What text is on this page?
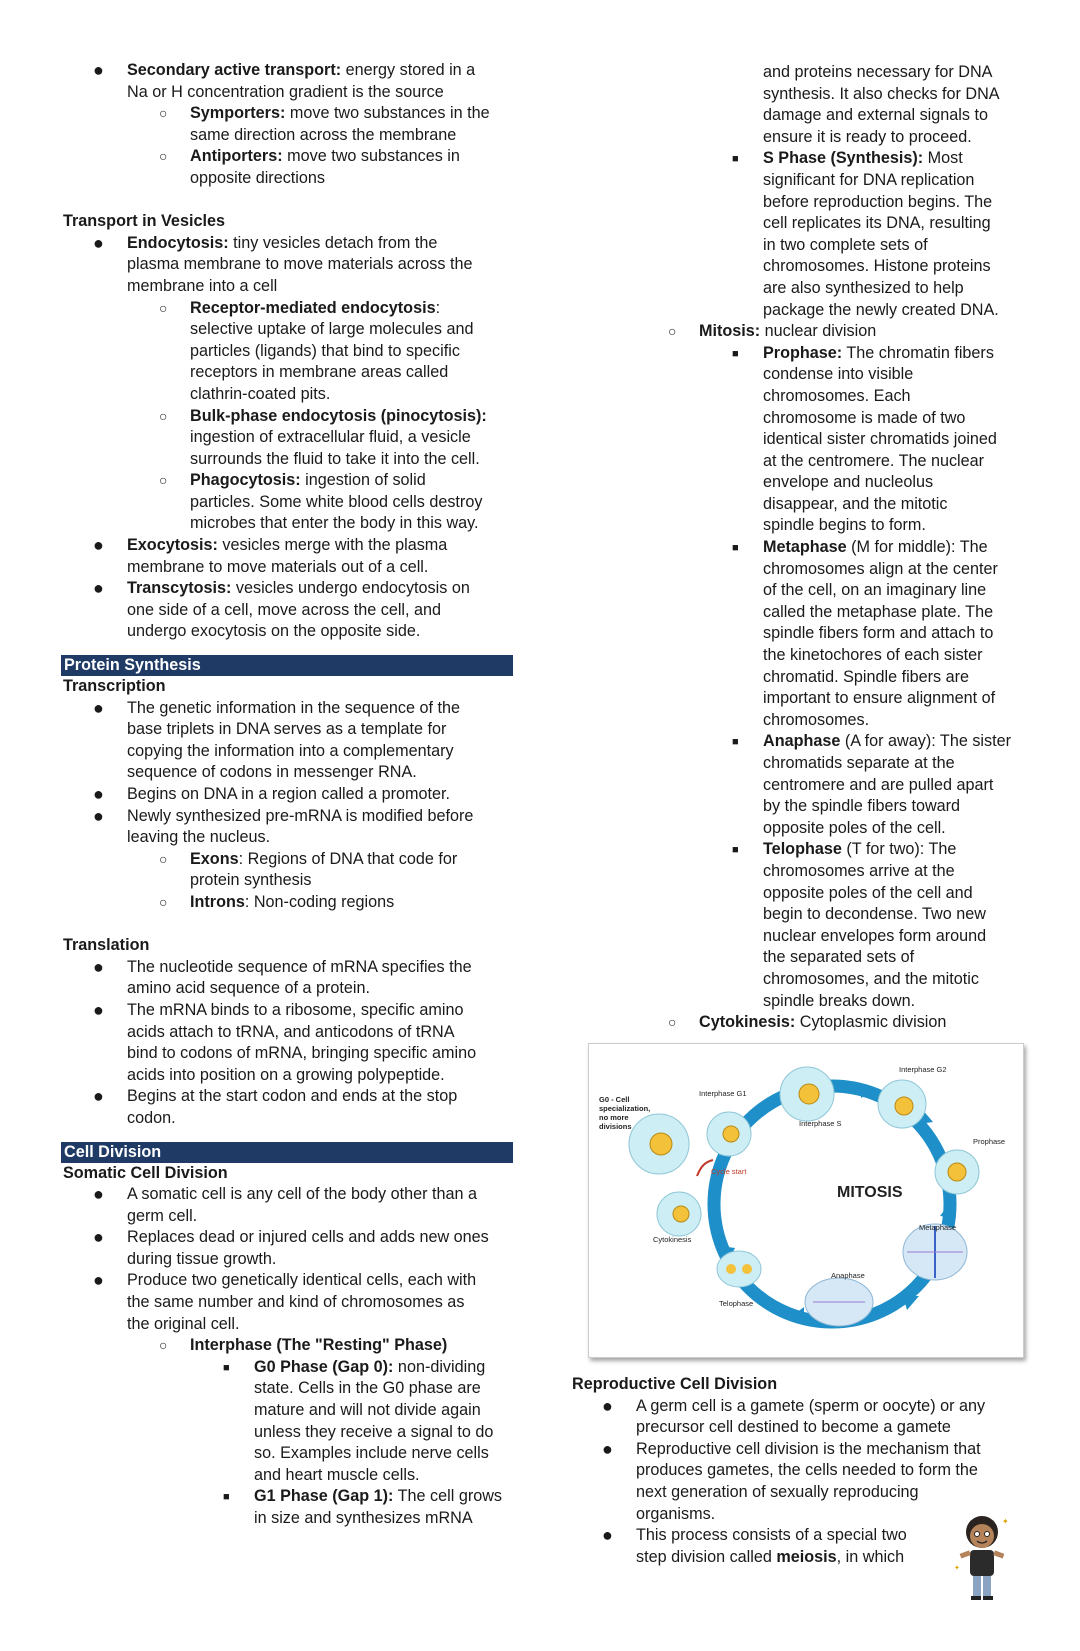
● Secondary active transport: energy stored in a
Na or H concentration gradient is the source
○ Symporters: move two substances in the
same direction across the membrane
○ Antiporters: move two substances in
opposite directions
Transport in Vesicles
● Endocytosis: tiny vesicles detach from the
plasma membrane to move materials across the
membrane into a cell
○ Receptor-mediated endocytosis:
selective uptake of large molecules and
particles (ligands) that bind to specific
receptors in membrane areas called
clathrin-coated pits.
○ Bulk-phase endocytosis (pinocytosis):
ingestion of extracellular fluid, a vesicle
surrounds the fluid to take it into the cell.
○ Phagocytosis: ingestion of solid
particles. Some white blood cells destroy
microbes that enter the body in this way.
● Exocytosis: vesicles merge with the plasma
membrane to move materials out of a cell.
● Transcytosis: vesicles undergo endocytosis on
one side of a cell, move across the cell, and
undergo exocytosis on the opposite side.
Protein Synthesis
Transcription
● The genetic information in the sequence of the
base triplets in DNA serves as a template for
copying the information into a complementary
sequence of codons in messenger RNA.
● Begins on DNA in a region called a promoter.
● Newly synthesized pre-mRNA is modified before
leaving the nucleus.
○ Exons: Regions of DNA that code for
protein synthesis
○ Introns: Non-coding regions
Translation
● The nucleotide sequence of mRNA specifies the
amino acid sequence of a protein.
● The mRNA binds to a ribosome, specific amino
acids attach to tRNA, and anticodons of tRNA
bind to codons of mRNA, bringing specific amino
acids into position on a growing polypeptide.
● Begins at the start codon and ends at the stop
codon.
Cell Division
Somatic Cell Division
● A somatic cell is any cell of the body other than a
germ cell.
● Replaces dead or injured cells and adds new ones
during tissue growth.
● Produce two genetically identical cells, each with
the same number and kind of chromosomes as
the original cell.
○ Interphase (The "Resting" Phase)
■ G0 Phase (Gap 0): non-dividing
state. Cells in the G0 phase are
mature and will not divide again
unless they receive a signal to do
so. Examples include nerve cells
and heart muscle cells.
■ G1 Phase (Gap 1): The cell grows
in size and synthesizes mRNA
and proteins necessary for DNA
synthesis. It also checks for DNA
damage and external signals to
ensure it is ready to proceed.
■ S Phase (Synthesis): Most
significant for DNA replication
before reproduction begins. The
cell replicates its DNA, resulting
in two complete sets of
chromosomes. Histone proteins
are also synthesized to help
package the newly created DNA.
○ Mitosis: nuclear division
■ Prophase: The chromatin fibers
condense into visible
chromosomes. Each
chromosome is made of two
identical sister chromatids joined
at the centromere. The nuclear
envelope and nucleolus
disappear, and the mitotic
spindle begins to form.
■ Metaphase (M for middle): The
chromosomes align at the center
of the cell, on an imaginary line
called the metaphase plate. The
spindle fibers form and attach to
the kinetochores of each sister
chromatid. Spindle fibers are
important to ensure alignment of
chromosomes.
■ Anaphase (A for away): The sister
chromatids separate at the
centromere and are pulled apart
by the spindle fibers toward
opposite poles of the cell.
■ Telophase (T for two): The
chromosomes arrive at the
opposite poles of the cell and
begin to decondense. Two new
nuclear envelopes form around
the separated sets of
chromosomes, and the mitotic
spindle breaks down.
○ Cytokinesis: Cytoplasmic division
MITOSIS
G0 - Cell
specialization,
no more
divisions
Interphase G1
Interphase S
Interphase G2
Prophase
Metaphase
Anaphase
Telophase
Cytokinesis
Cycle start
Reproductive Cell Division
● A germ cell is a gamete (sperm or oocyte) or any
precursor cell destined to become a gamete
● Reproductive cell division is the mechanism that
produces gametes, the cells needed to form the
next generation of sexually reproducing
organisms.
● This process consists of a special two
step division called meiosis, in which
✦
✦
